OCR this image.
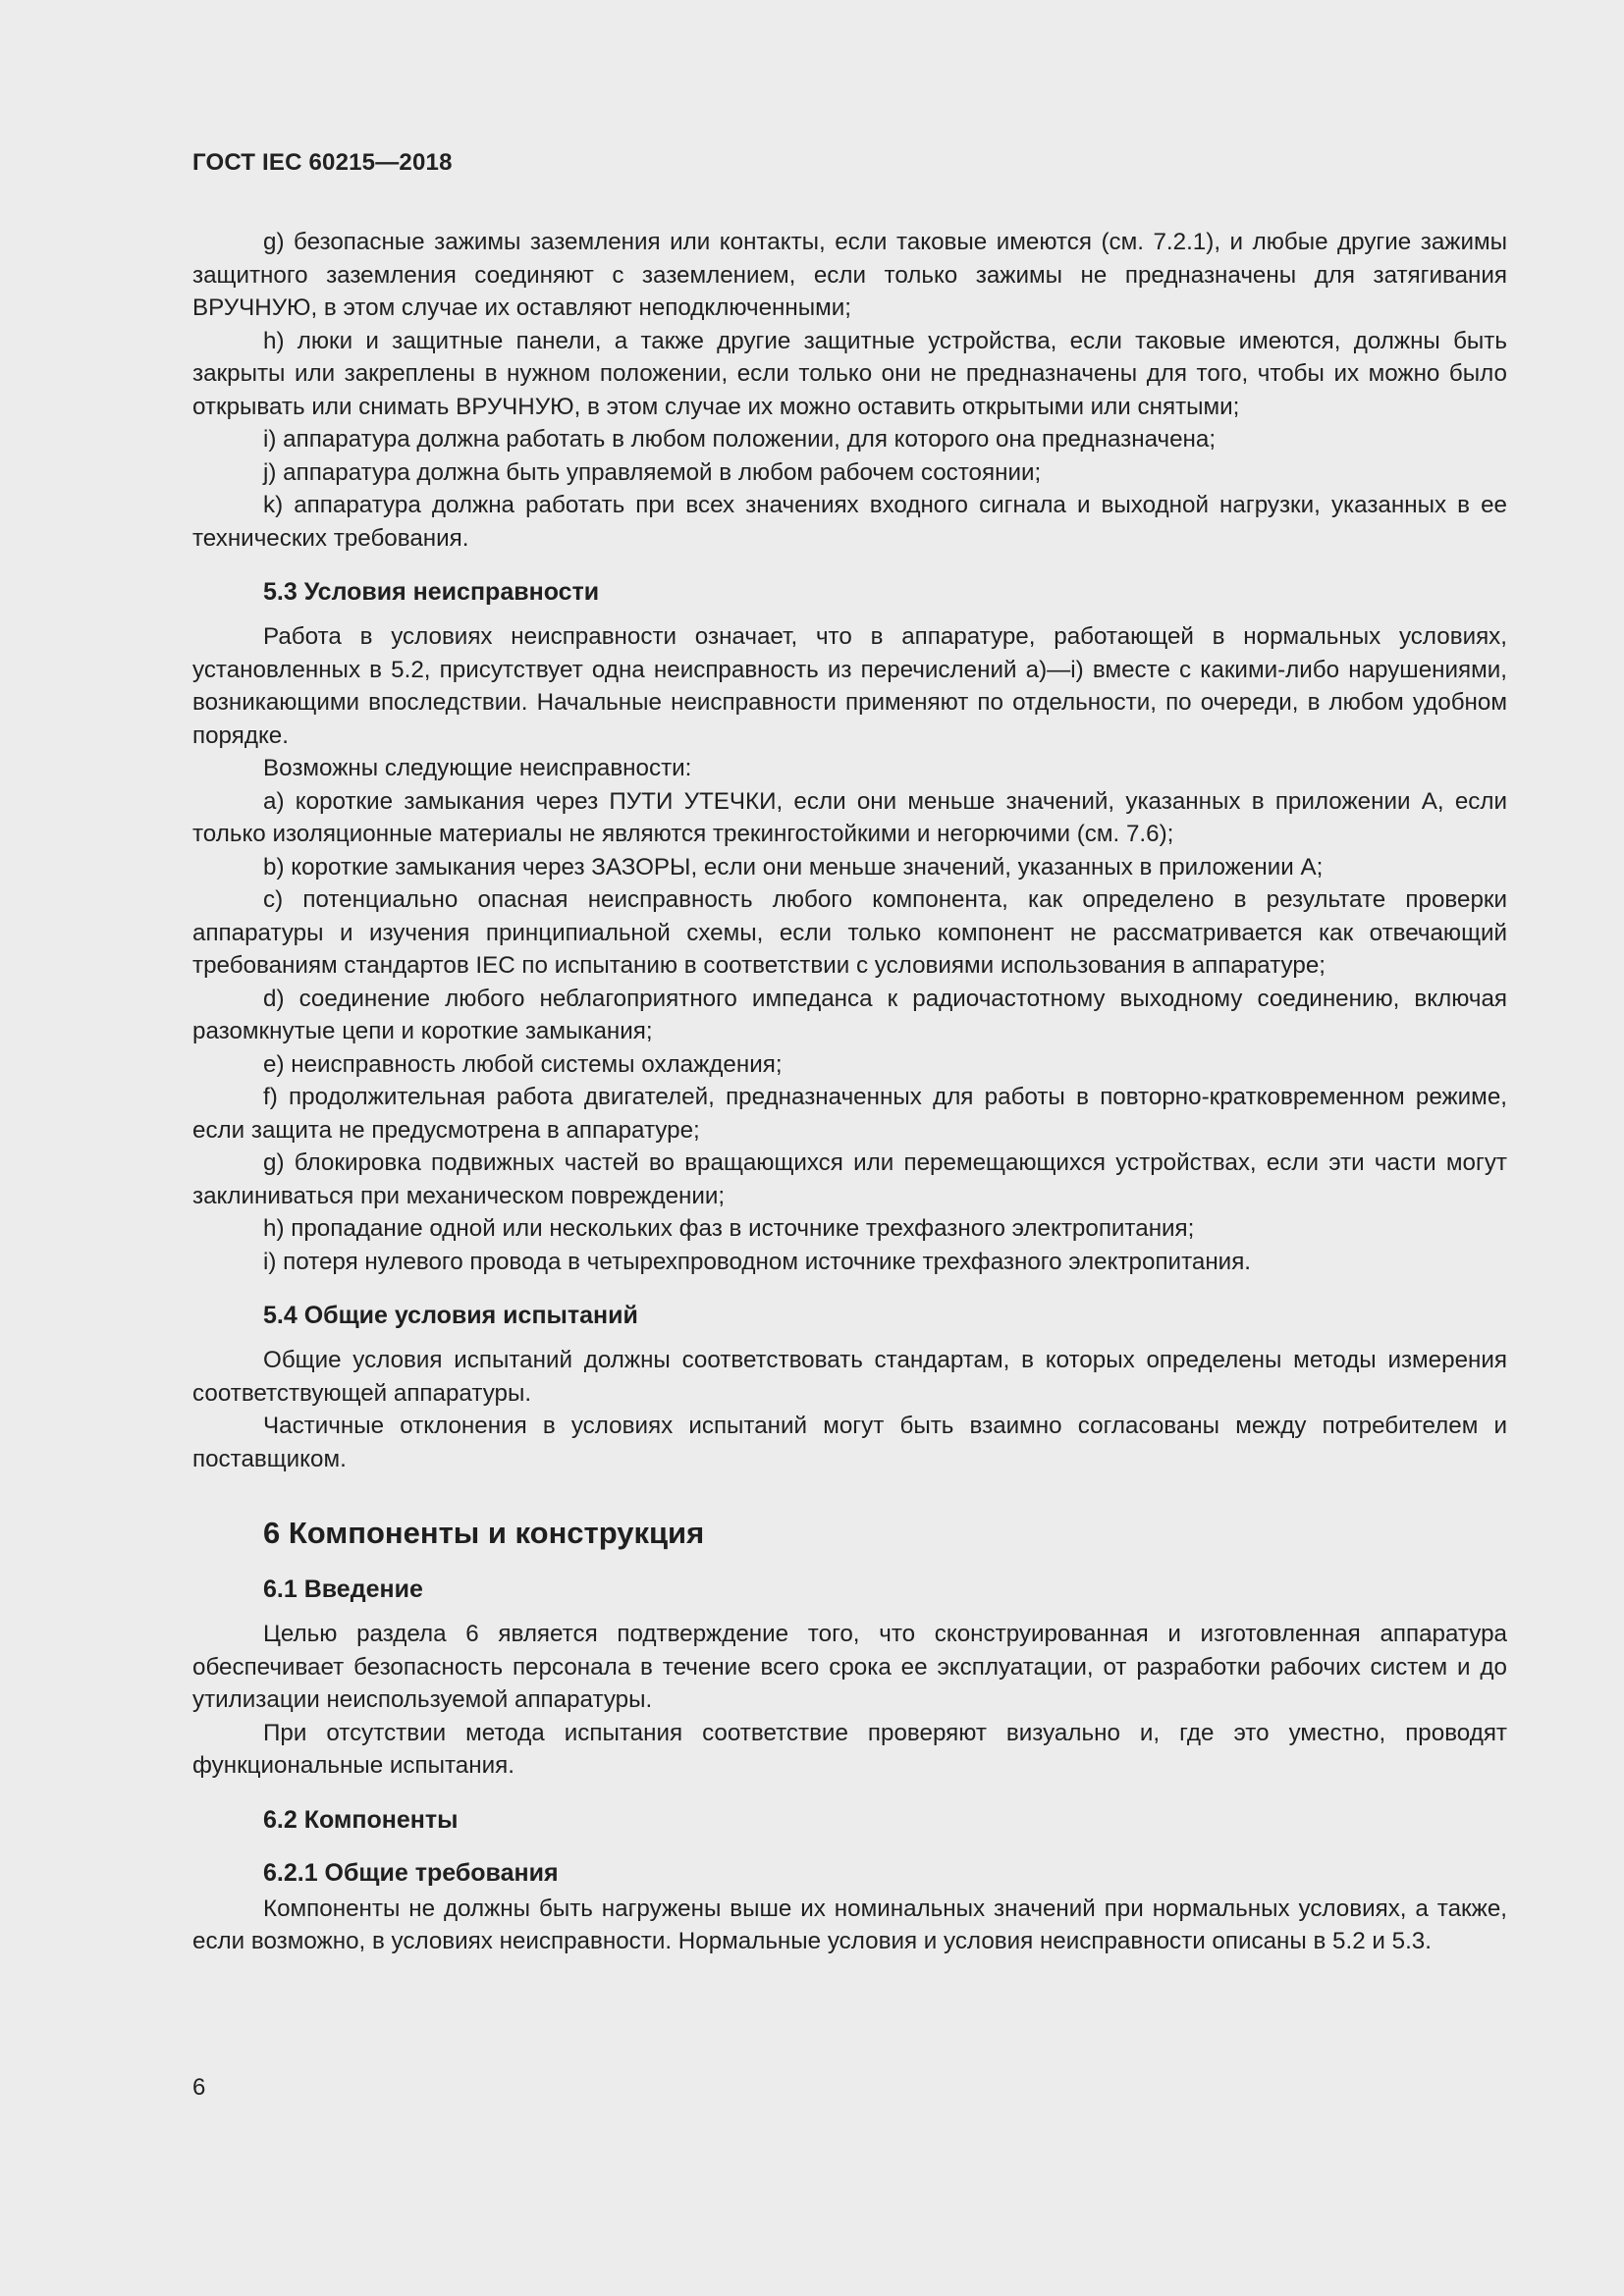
ГОСТ IEC 60215—2018

g) безопасные зажимы заземления или контакты, если таковые имеются (см. 7.2.1), и любые другие зажимы защитного заземления соединяют с заземлением, если только зажимы не предназначены для затягивания ВРУЧНУЮ, в этом случае их оставляют неподключенными;

h) люки и защитные панели, а также другие защитные устройства, если таковые имеются, должны быть закрыты или закреплены в нужном положении, если только они не предназначены для того, чтобы их можно было открывать или снимать ВРУЧНУЮ, в этом случае их можно оставить открытыми или снятыми;

i) аппаратура должна работать в любом положении, для которого она предназначена;

j) аппаратура должна быть управляемой в любом рабочем состоянии;

k) аппаратура должна работать при всех значениях входного сигнала и выходной нагрузки, указанных в ее технических требования.

5.3 Условия неисправности

Работа в условиях неисправности означает, что в аппаратуре, работающей в нормальных условиях, установленных в 5.2, присутствует одна неисправность из перечислений а)—i) вместе с какими-либо нарушениями, возникающими впоследствии. Начальные неисправности применяют по отдельности, по очереди, в любом удобном порядке.

Возможны следующие неисправности:

а) короткие замыкания через ПУТИ УТЕЧКИ, если они меньше значений, указанных в приложении А, если только изоляционные материалы не являются трекингостойкими и негорючими (см. 7.6);

b) короткие замыкания через ЗАЗОРЫ, если они меньше значений, указанных в приложении А;

с) потенциально опасная неисправность любого компонента, как определено в результате проверки аппаратуры и изучения принципиальной схемы, если только компонент не рассматривается как отвечающий требованиям стандартов IEC по испытанию в соответствии с условиями использования в аппаратуре;

d) соединение любого неблагоприятного импеданса к радиочастотному выходному соединению, включая разомкнутые цепи и короткие замыкания;

е) неисправность любой системы охлаждения;

f) продолжительная работа двигателей, предназначенных для работы в повторно-кратковременном режиме, если защита не предусмотрена в аппаратуре;

g) блокировка подвижных частей во вращающихся или перемещающихся устройствах, если эти части могут заклиниваться при механическом повреждении;

h) пропадание одной или нескольких фаз в источнике трехфазного электропитания;

i) потеря нулевого провода в четырехпроводном источнике трехфазного электропитания.

5.4 Общие условия испытаний

Общие условия испытаний должны соответствовать стандартам, в которых определены методы измерения соответствующей аппаратуры.

Частичные отклонения в условиях испытаний могут быть взаимно согласованы между потребителем и поставщиком.

6 Компоненты и конструкция
6.1 Введение

Целью раздела 6 является подтверждение того, что сконструированная и изготовленная аппаратура обеспечивает безопасность персонала в течение всего срока ее эксплуатации, от разработки рабочих систем и до утилизации неиспользуемой аппаратуры.

При отсутствии метода испытания соответствие проверяют визуально и, где это уместно, проводят функциональные испытания.

6.2 Компоненты
6.2.1 Общие требования

Компоненты не должны быть нагружены выше их номинальных значений при нормальных условиях, а также, если возможно, в условиях неисправности. Нормальные условия и условия неисправности описаны в 5.2 и 5.3.

6
